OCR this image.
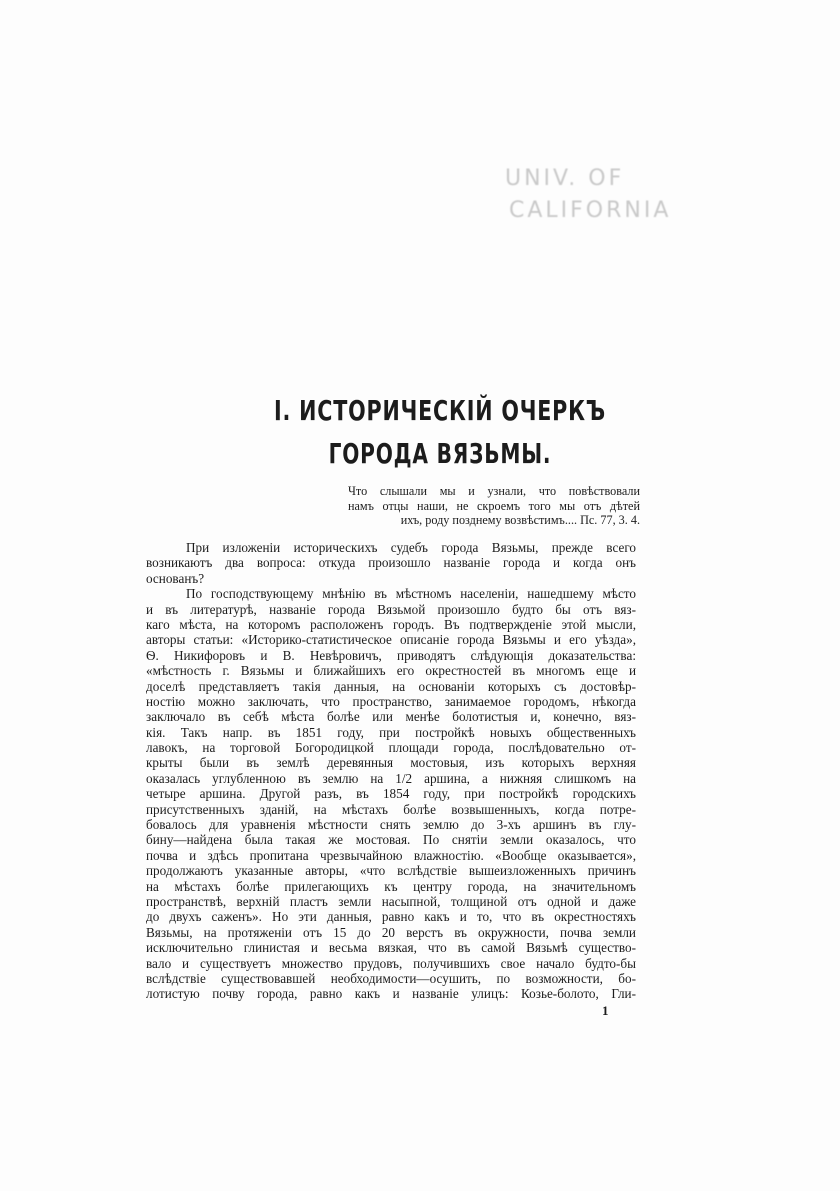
UNIV. OF
CALIFORNIA
I. ИСТОРИЧЕСКІЙ ОЧЕРКЪ
ГОРОДА ВЯЗЬМЫ.
Что слышали мы и узнали, что повѣствовали
намъ отцы наши, не скроемъ того мы отъ дѣтей
ихъ, роду позднему возвѣстимъ.... Пс. 77, 3. 4.
При изложеніи историческихъ судебъ города Вязьмы, прежде всего
возникаютъ два вопроса: откуда произошло названіе города и когда онъ
основанъ?
По господствующему мнѣнію въ мѣстномъ населеніи, нашедшему мѣсто
и въ литературѣ, названіе города Вязьмой произошло будто бы отъ вяз-
каго мѣста, на которомъ расположенъ городъ. Въ подтвержденіе этой мысли,
авторы статьи: «Историко-статистическое описаніе города Вязьмы и его уѣзда»,
Ѳ. Никифоровъ и В. Невѣровичъ, приводятъ слѣдующія доказательства:
«мѣстность г. Вязьмы и ближайшихъ его окрестностей въ многомъ еще и
доселѣ представляетъ такія данныя, на основаніи которыхъ съ достовѣр-
ностію можно заключать, что пространство, занимаемое городомъ, нѣкогда
заключало въ себѣ мѣста болѣе или менѣе болотистыя и, конечно, вяз-
кія. Такъ напр. въ 1851 году, при постройкѣ новыхъ общественныхъ
лавокъ, на торговой Богородицкой площади города, послѣдовательно от-
крыты были въ землѣ деревянныя мостовыя, изъ которыхъ верхняя
оказалась углубленною въ землю на 1/2 аршина, а нижняя слишкомъ на
четыре аршина. Другой разъ, въ 1854 году, при постройкѣ городскихъ
присутственныхъ зданій, на мѣстахъ болѣе возвышенныхъ, когда потре-
бовалось для уравненія мѣстности снять землю до 3-хъ аршинъ въ глу-
бину—найдена была такая же мостовая. По снятіи земли оказалось, что
почва и здѣсь пропитана чрезвычайною влажностію. «Вообще оказывается»,
продолжаютъ указанные авторы, «что вслѣдствіе вышеизложенныхъ причинъ
на мѣстахъ болѣе прилегающихъ къ центру города, на значительномъ
пространствѣ, верхній пластъ земли насыпной, толщиной отъ одной и даже
до двухъ саженъ». Но эти данныя, равно какъ и то, что въ окрестностяхъ
Вязьмы, на протяженіи отъ 15 до 20 верстъ въ окружности, почва земли
исключительно глинистая и весьма вязкая, что въ самой Вязьмѣ существо-
вало и существуетъ множество прудовъ, получившихъ свое начало будто-бы
вслѣдствіе существовавшей необходимости—осушить, по возможности, бо-
лотистую почву города, равно какъ и названіе улицъ: Козье-болото, Гли-
1
